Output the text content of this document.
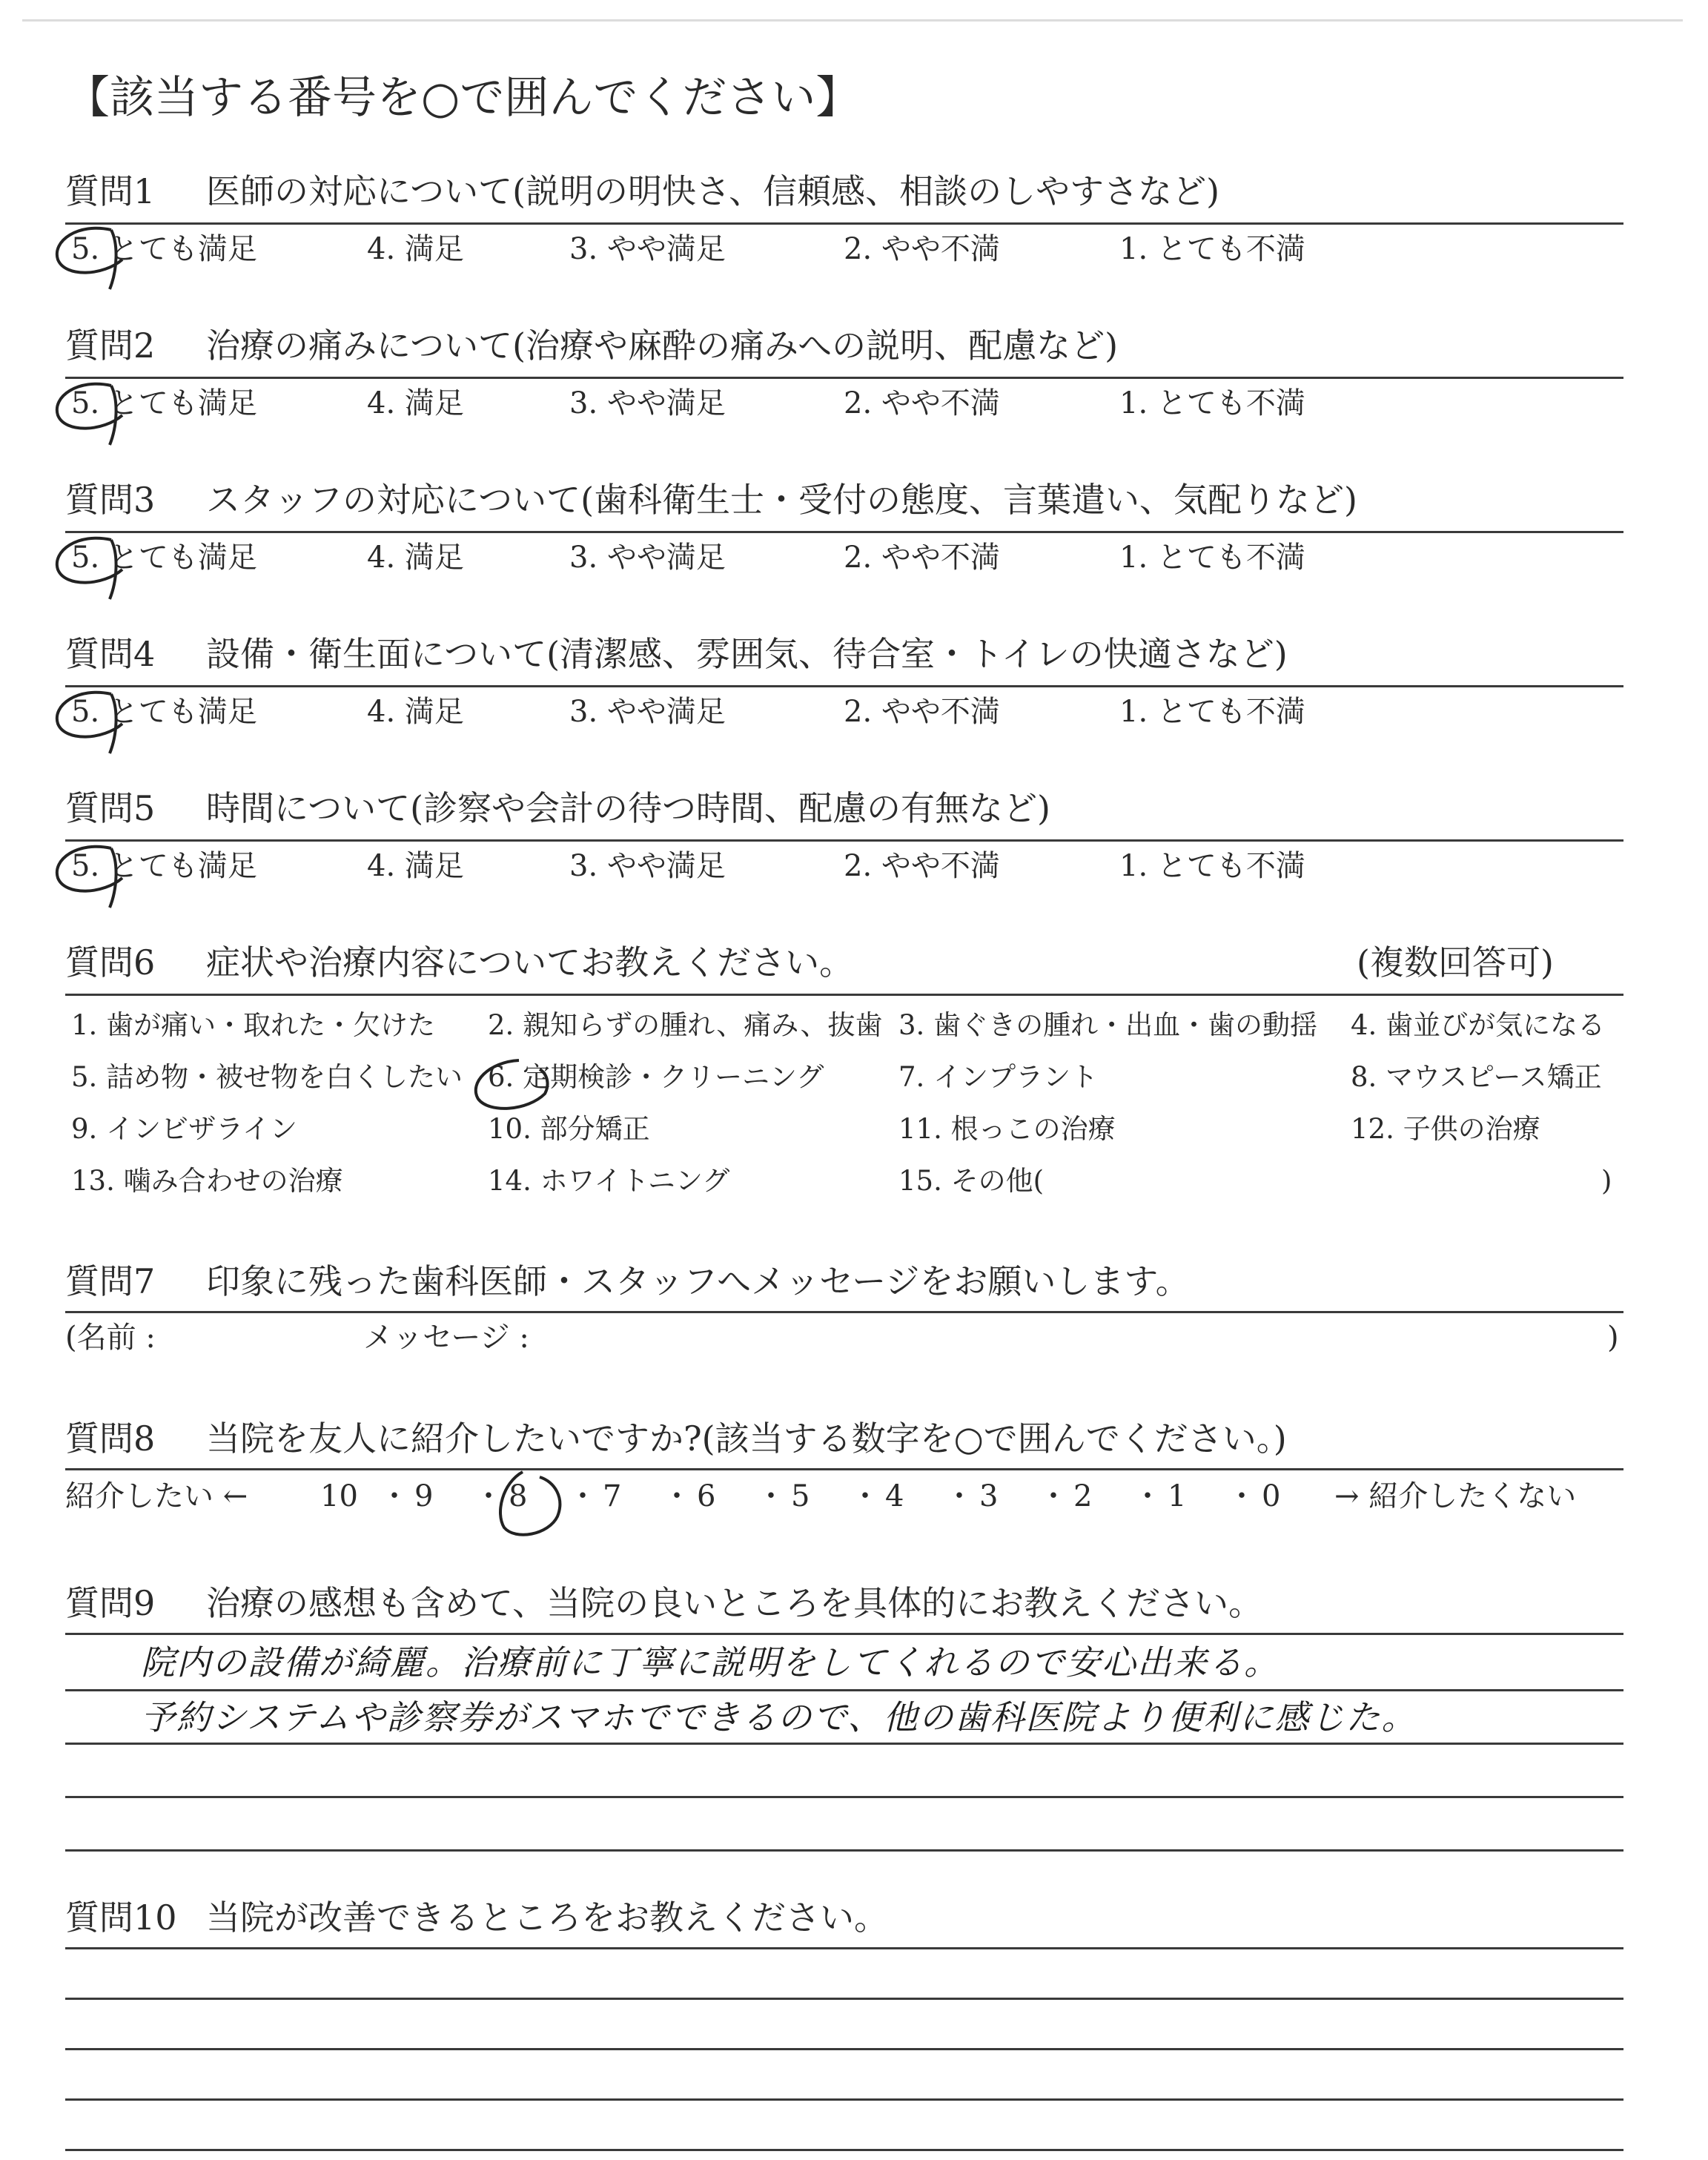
【該当する番号を○で囲んでください】
質問1 医師の対応について(説明の明快さ、信頼感、相談のしやすさなど)
5. とても満足	4. 満足	3. やや満足	2. やや不満	1. とても不満
質問2 治療の痛みについて(治療や麻酔の痛みへの説明、配慮など)
5. とても満足	4. 満足	3. やや満足	2. やや不満	1. とても不満
質問3 スタッフの対応について(歯科衛生士・受付の態度、言葉遣い、気配りなど)
5. とても満足	4. 満足	3. やや満足	2. やや不満	1. とても不満
質問4 設備・衛生面について(清潔感、雰囲気、待合室・トイレの快適さなど)
5. とても満足	4. 満足	3. やや満足	2. やや不満	1. とても不満
質問5 時間について(診察や会計の待つ時間、配慮の有無など)
5. とても満足	4. 満足	3. やや満足	2. やや不満	1. とても不満
質問6 症状や治療内容についてお教えください。	(複数回答可)
1. 歯が痛い・取れた・欠けた 2. 親知らずの腫れ、痛み、抜歯 3. 歯ぐきの腫れ・出血・歯の動揺 4. 歯並びが気になる
5. 詰め物・被せ物を白くしたい 6. 定期検診・クリーニング	7. インプラント	8. マウスピース矯正
9. インビザライン	10. 部分矯正	11. 根っこの治療	12. 子供の治療
13. 噛み合わせの治療	14. ホワイトニング	15. その他(	)
質問7 印象に残った歯科医師・スタッフへメッセージをお願いします。
(名前 :	メッセージ :	)
質問8 当院を友人に紹介したいですか?(該当する数字を○で囲んでください。)
紹介したい ← 10 ・ 9 ・ 8 ・ 7 ・ 6 ・ 5 ・ 4 ・ 3 ・ 2 ・ 1 ・ 0 → 紹介したくない
質問9 治療の感想も含めて、当院の良いところを具体的にお教えください。
院内の設備が綺麗。治療前に丁寧に説明をしてくれるので安心出来る。
予約システムや診察券がスマホでできるので、他の歯科医院より便利に感じた。
質問10 当院が改善できるところをお教えください。
